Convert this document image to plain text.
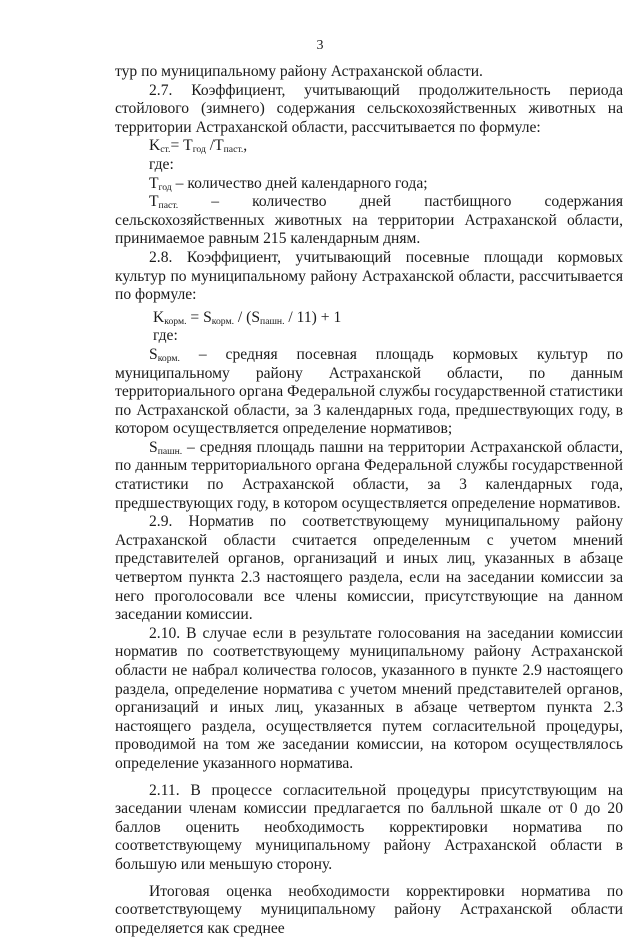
3

тур по муниципальному району Астраханской области.

2.7. Коэффициент, учитывающий продолжительность периода стойлового (зимнего) содержания сельскохозяйственных животных на территории Астраханской области, рассчитывается по формуле:

$K_{ст.}= T_{год}$ $/T_{паст.}$,

где:

$T_{год}$ – количество дней календарного года;

$T_{паст.}$ – количество дней пастбищного содержания сельскохозяйственных животных на территории Астраханской области, принимаемое равным 215 календарным дням.

2.8. Коэффициент, учитывающий посевные площади кормовых культур по муниципальному району Астраханской области, рассчитывается по формуле:

$K_{корм.} = S_{корм.} / (S_{пашн.} / 11) + 1$

где:

$S_{корм.}$ – средняя посевная площадь кормовых культур по муниципальному району Астраханской области, по данным территориального органа Федеральной службы государственной статистики по Астраханской области, за 3 календарных года, предшествующих году, в котором осуществляется определение нормативов;

$S_{пашн.}$ – средняя площадь пашни на территории Астраханской области, по данным территориального органа Федеральной службы государственной статистики по Астраханской области, за 3 календарных года, предшествующих году, в котором осуществляется определение нормативов.

2.9. Норматив по соответствующему муниципальному району Астраханской области считается определенным с учетом мнений представителей органов, организаций и иных лиц, указанных в абзаце четвертом пункта 2.3 настоящего раздела, если на заседании комиссии за него проголосовали все члены комиссии, присутствующие на данном заседании комиссии.

2.10. В случае если в результате голосования на заседании комиссии норматив по соответствующему муниципальному району Астраханской области не набрал количества голосов, указанного в пункте 2.9 настоящего раздела, определение норматива с учетом мнений представителей органов, организаций и иных лиц, указанных в абзаце четвертом пункта 2.3 настоящего раздела, осуществляется путем согласительной процедуры, проводимой на том же заседании комиссии, на котором осуществлялось определение указанного норматива.

2.11. В процессе согласительной процедуры присутствующим на заседании членам комиссии предлагается по балльной шкале от 0 до 20 баллов оценить необходимость корректировки норматива по соответствующему муниципальному району Астраханской области в большую или меньшую сторону.

Итоговая оценка необходимости корректировки норматива по соответствующему муниципальному району Астраханской области определяется как среднее
